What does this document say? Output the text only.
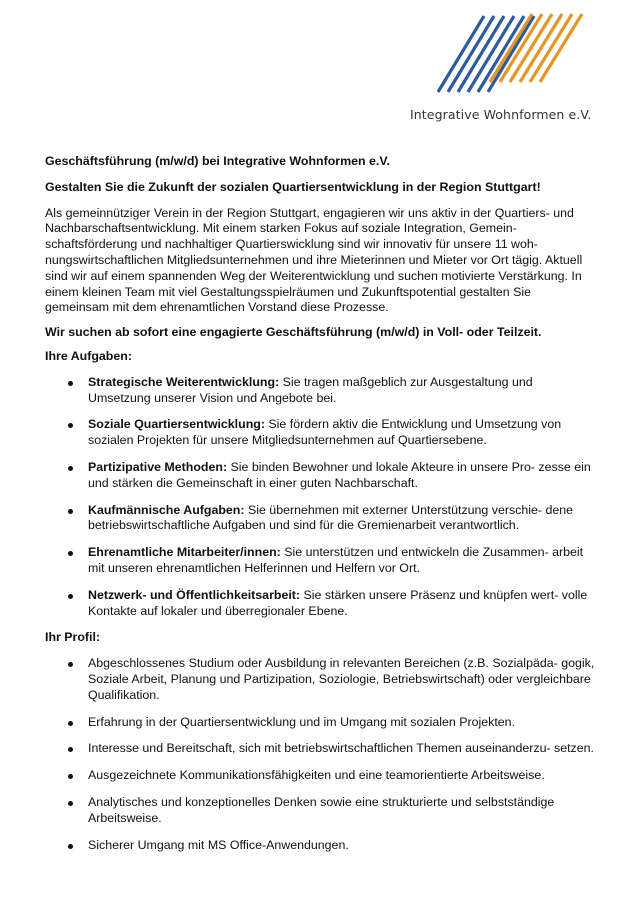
Integrative Wohnformen e.V.

Geschäftsführung (m/w/d) bei Integrative Wohnformen e.V.

Gestalten Sie die Zukunft der sozialen Quartiersentwicklung in der Region Stuttgart!

Als gemeinnütziger Verein in der Region Stuttgart, engagieren wir uns aktiv in der Quartiers- und Nachbarschaftsentwicklung. Mit einem starken Fokus auf soziale Integration, Gemein- schaftsförderung und nachhaltiger Quartierswicklung sind wir innovativ für unsere 11 woh- nungswirtschaftlichen Mitgliedsunternehmen und ihre Mieterinnen und Mieter vor Ort tägig. Aktuell sind wir auf einem spannenden Weg der Weiterentwicklung und suchen motivierte Verstärkung. In einem kleinen Team mit viel Gestaltungsspielräumen und Zukunftspotential gestalten Sie gemeinsam mit dem ehrenamtlichen Vorstand diese Prozesse.

Wir suchen ab sofort eine engagierte Geschäftsführung (m/w/d) in Voll- oder Teilzeit.

Ihre Aufgaben:

Strategische Weiterentwicklung: Sie tragen maßgeblich zur Ausgestaltung und Umsetzung unserer Vision und Angebote bei.
Soziale Quartiersentwicklung: Sie fördern aktiv die Entwicklung und Umsetzung von sozialen Projekten für unsere Mitgliedsunternehmen auf Quartiersebene.
Partizipative Methoden: Sie binden Bewohner und lokale Akteure in unsere Pro- zesse ein und stärken die Gemeinschaft in einer guten Nachbarschaft.
Kaufmännische Aufgaben: Sie übernehmen mit externer Unterstützung verschie- dene betriebswirtschaftliche Aufgaben und sind für die Gremienarbeit verantwortlich.
Ehrenamtliche Mitarbeiter/innen: Sie unterstützen und entwickeln die Zusammen- arbeit mit unseren ehrenamtlichen Helferinnen und Helfern vor Ort.
Netzwerk- und Öffentlichkeitsarbeit: Sie stärken unsere Präsenz und knüpfen wert- volle Kontakte auf lokaler und überregionaler Ebene.

Ihr Profil:

Abgeschlossenes Studium oder Ausbildung in relevanten Bereichen (z.B. Sozialpäda- gogik, Soziale Arbeit, Planung und Partizipation, Soziologie, Betriebswirtschaft) oder vergleichbare Qualifikation.
Erfahrung in der Quartiersentwicklung und im Umgang mit sozialen Projekten.
Interesse und Bereitschaft, sich mit betriebswirtschaftlichen Themen auseinanderzu- setzen.
Ausgezeichnete Kommunikationsfähigkeiten und eine teamorientierte Arbeitsweise.
Analytisches und konzeptionelles Denken sowie eine strukturierte und selbstständige Arbeitsweise.
Sicherer Umgang mit MS Office-Anwendungen.
